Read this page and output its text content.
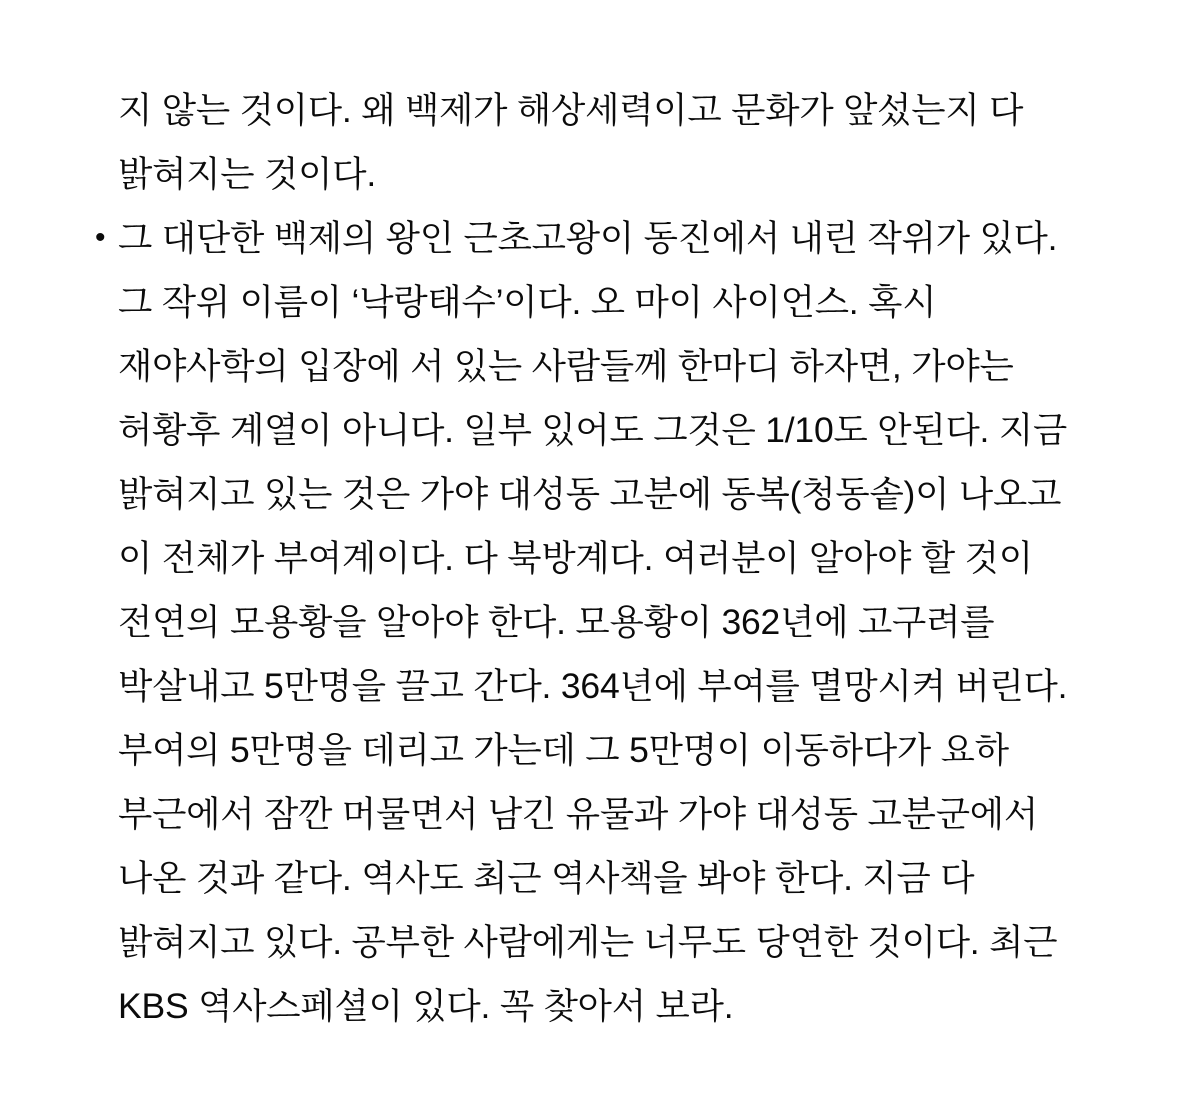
지 않는 것이다. 왜 백제가 해상세력이고 문화가 앞섰는지 다 밝혀지는 것이다.
• 그 대단한 백제의 왕인 근초고왕이 동진에서 내린 작위가 있다. 그 작위 이름이 ‘낙랑태수’이다. 오 마이 사이언스. 혹시 재야사학의 입장에 서 있는 사람들께 한마디 하자면, 가야는 허황후 계열이 아니다. 일부 있어도 그것은 1/10도 안된다. 지금 밝혀지고 있는 것은 가야 대성동 고분에 동복(청동솥)이 나오고 이 전체가 부여계이다. 다 북방계다. 여러분이 알아야 할 것이 전연의 모용황을 알아야 한다. 모용황이 362년에 고구려를 박살내고 5만명을 끌고 간다. 364년에 부여를 멸망시켜 버린다. 부여의 5만명을 데리고 가는데 그 5만명이 이동하다가 요하 부근에서 잠깐 머물면서 남긴 유물과 가야 대성동 고분군에서 나온 것과 같다. 역사도 최근 역사책을 봐야 한다. 지금 다 밝혀지고 있다. 공부한 사람에게는 너무도 당연한 것이다. 최근 KBS 역사스페셜이 있다. 꼭 찾아서 보라.
